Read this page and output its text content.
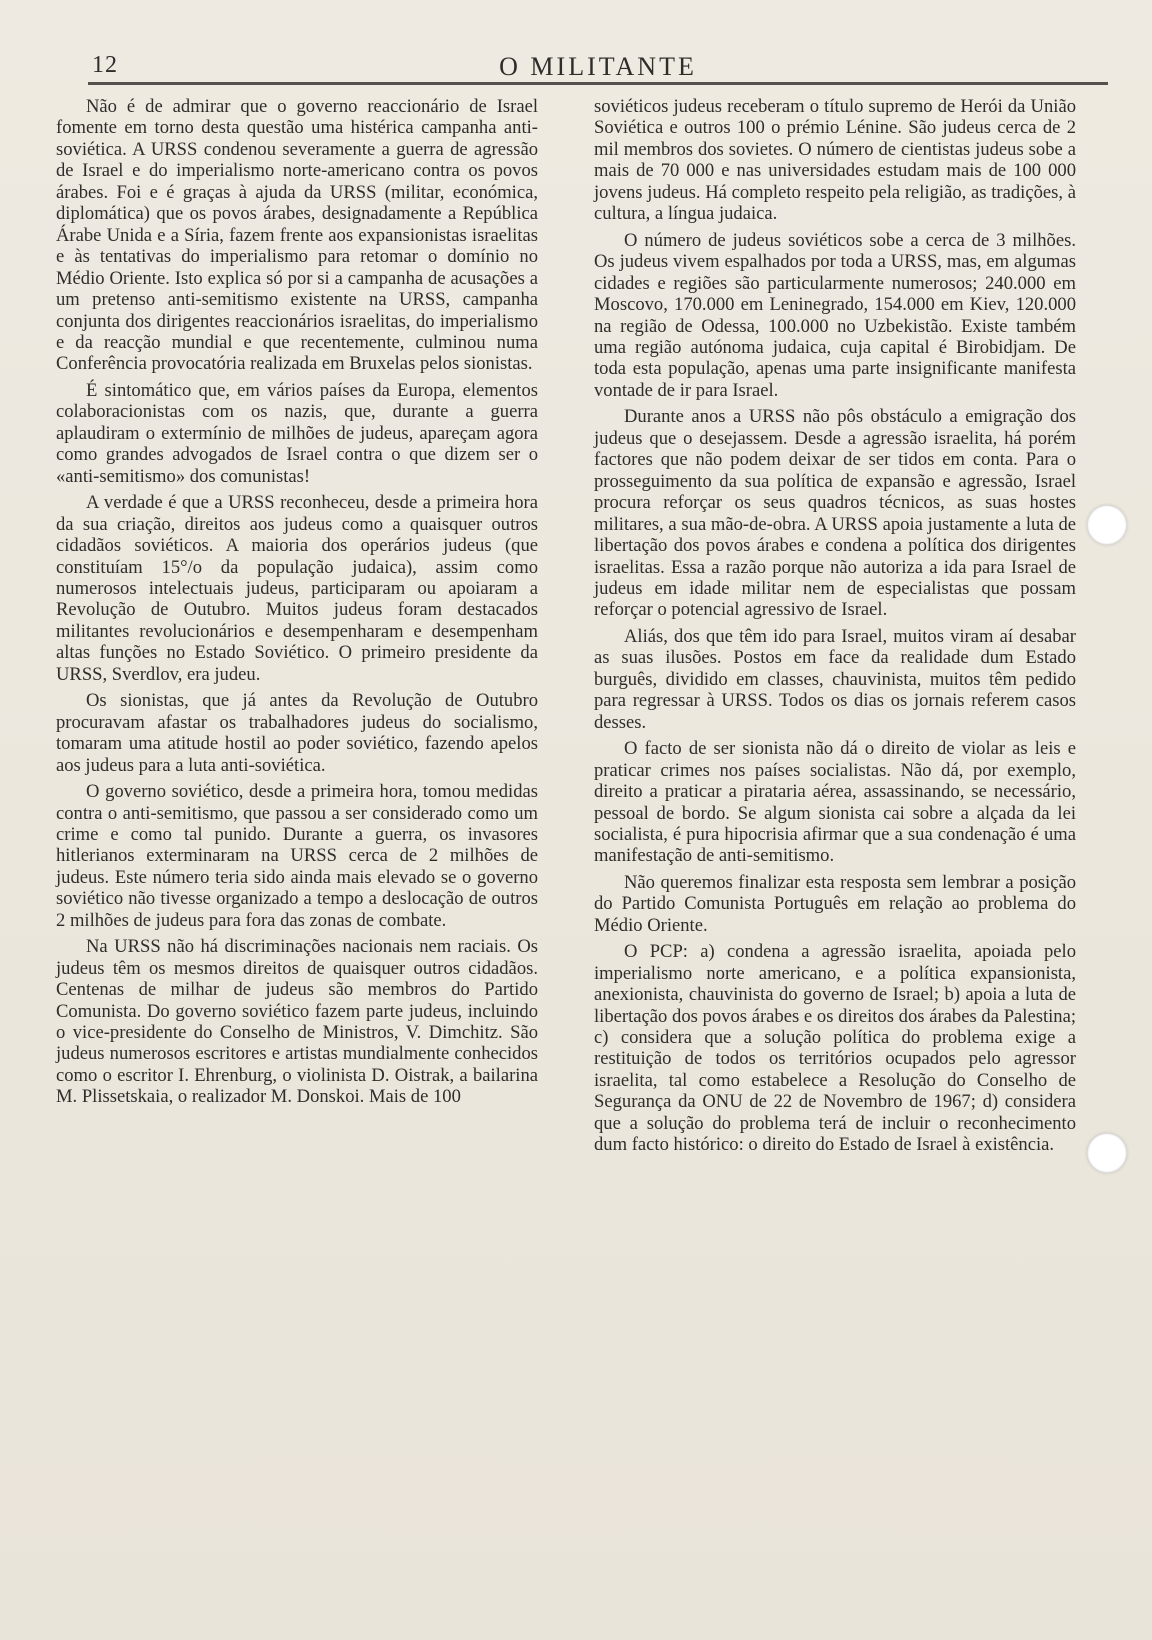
12	O MILITANTE

Não é de admirar que o governo reaccionário de Israel fomente em torno desta questão uma histérica campanha anti-soviética. A URSS condenou severamente a guerra de agressão de Israel e do imperialismo norte-americano contra os povos árabes. Foi e é graças à ajuda da URSS (militar, económica, diplomática) que os povos árabes, designadamente a República Árabe Unida e a Síria, fazem frente aos expansionistas israelitas e às tentativas do imperialismo para retomar o domínio no Médio Oriente. Isto explica só por si a campanha de acusações a um pretenso anti-semitismo existente na URSS, campanha conjunta dos dirigentes reaccionários israelitas, do imperialismo e da reacção mundial e que recentemente, culminou numa Conferência provocatória realizada em Bruxelas pelos sionistas.

É sintomático que, em vários países da Europa, elementos colaboracionistas com os nazis, que, durante a guerra aplaudiram o extermínio de milhões de judeus, apareçam agora como grandes advogados de Israel contra o que dizem ser o «anti-semitismo» dos comunistas!

A verdade é que a URSS reconheceu, desde a primeira hora da sua criação, direitos aos judeus como a quaisquer outros cidadãos soviéticos. A maioria dos operários judeus (que constituíam 15°/o da população judaica), assim como numerosos intelectuais judeus, participaram ou apoiaram a Revolução de Outubro. Muitos judeus foram destacados militantes revolucionários e desempenharam e desempenham altas funções no Estado Soviético. O primeiro presidente da URSS, Sverdlov, era judeu.

Os sionistas, que já antes da Revolução de Outubro procuravam afastar os trabalhadores judeus do socialismo, tomaram uma atitude hostil ao poder soviético, fazendo apelos aos judeus para a luta anti-soviética.

O governo soviético, desde a primeira hora, tomou medidas contra o anti-semitismo, que passou a ser considerado como um crime e como tal punido. Durante a guerra, os invasores hitlerianos exterminaram na URSS cerca de 2 milhões de judeus. Este número teria sido ainda mais elevado se o governo soviético não tivesse organizado a tempo a deslocação de outros 2 milhões de judeus para fora das zonas de combate.

Na URSS não há discriminações nacionais nem raciais. Os judeus têm os mesmos direitos de quaisquer outros cidadãos. Centenas de milhar de judeus são membros do Partido Comunista. Do governo soviético fazem parte judeus, incluindo o vice-presidente do Conselho de Ministros, V. Dimchitz. São judeus numerosos escritores e artistas mundialmente conhecidos como o escritor I. Ehrenburg, o violinista D. Oistrak, a bailarina M. Plissetskaia, o realizador M. Donskoi. Mais de 100

soviéticos judeus receberam o título supremo de Herói da União Soviética e outros 100 o prémio Lénine. São judeus cerca de 2 mil membros dos sovietes. O número de cientistas judeus sobe a mais de 70 000 e nas universidades estudam mais de 100 000 jovens judeus. Há completo respeito pela religião, as tradições, à cultura, a língua judaica.

O número de judeus soviéticos sobe a cerca de 3 milhões. Os judeus vivem espalhados por toda a URSS, mas, em algumas cidades e regiões são particularmente numerosos; 240.000 em Moscovo, 170.000 em Leninegrado, 154.000 em Kiev, 120.000 na região de Odessa, 100.000 no Uzbekistão. Existe também uma região autónoma judaica, cuja capital é Birobidjam. De toda esta população, apenas uma parte insignificante manifesta vontade de ir para Israel.

Durante anos a URSS não pôs obstáculo a emigração dos judeus que o desejassem. Desde a agressão israelita, há porém factores que não podem deixar de ser tidos em conta. Para o prosseguimento da sua política de expansão e agressão, Israel procura reforçar os seus quadros técnicos, as suas hostes militares, a sua mão-de-obra. A URSS apoia justamente a luta de libertação dos povos árabes e condena a política dos dirigentes israelitas. Essa a razão porque não autoriza a ida para Israel de judeus em idade militar nem de especialistas que possam reforçar o potencial agressivo de Israel.

Aliás, dos que têm ido para Israel, muitos viram aí desabar as suas ilusões. Postos em face da realidade dum Estado burguês, dividido em classes, chauvinista, muitos têm pedido para regressar à URSS. Todos os dias os jornais referem casos desses.

O facto de ser sionista não dá o direito de violar as leis e praticar crimes nos países socialistas. Não dá, por exemplo, direito a praticar a pirataria aérea, assassinando, se necessário, pessoal de bordo. Se algum sionista cai sobre a alçada da lei socialista, é pura hipocrisia afirmar que a sua condenação é uma manifestação de anti-semitismo.

Não queremos finalizar esta resposta sem lembrar a posição do Partido Comunista Português em relação ao problema do Médio Oriente.

O PCP: a) condena a agressão israelita, apoiada pelo imperialismo norte americano, e a política expansionista, anexionista, chauvinista do governo de Israel; b) apoia a luta de libertação dos povos árabes e os direitos dos árabes da Palestina; c) considera que a solução política do problema exige a restituição de todos os territórios ocupados pelo agressor israelita, tal como estabelece a Resolução do Conselho de Segurança da ONU de 22 de Novembro de 1967; d) considera que a solução do problema terá de incluir o reconhecimento dum facto histórico: o direito do Estado de Israel à existência.
